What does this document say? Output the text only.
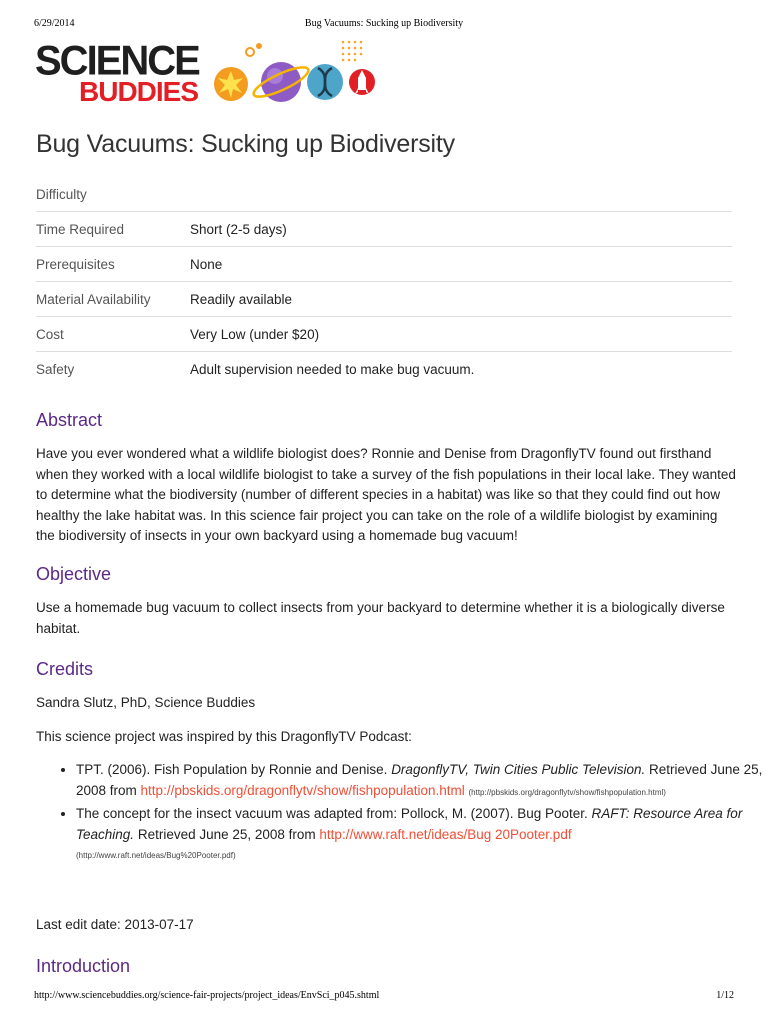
6/29/2014	Bug Vacuums: Sucking up Biodiversity
SCIENCE
BUDDIES
Bug Vacuums: Sucking up Biodiversity
Difficulty	
Time Required	Short (2-5 days)
Prerequisites	None
Material Availability	Readily available
Cost	Very Low (under $20)
Safety	Adult supervision needed to make bug vacuum.
Abstract

Have you ever wondered what a wildlife biologist does? Ronnie and Denise from DragonflyTV found out firsthand when they worked with a local wildlife biologist to take a survey of the fish populations in their local lake. They wanted to determine what the biodiversity (number of different species in a habitat) was like so that they could find out how healthy the lake habitat was. In this science fair project you can take on the role of a wildlife biologist by examining the biodiversity of insects in your own backyard using a homemade bug vacuum!

Objective

Use a homemade bug vacuum to collect insects from your backyard to determine whether it is a biologically diverse habitat.

Credits

Sandra Slutz, PhD, Science Buddies

This science project was inspired by this DragonflyTV Podcast:

• TPT. (2006). Fish Population by Ronnie and Denise. DragonflyTV, Twin Cities Public Television. Retrieved June 25, 2008 from http://pbskids.org/dragonflytv/show/fishpopulation.html (http://pbskids.org/dragonflytv/show/fishpopulation.html)
• The concept for the insect vacuum was adapted from: Pollock, M. (2007). Bug Pooter. RAFT: Resource Area for Teaching. Retrieved June 25, 2008 from http://www.raft.net/ideas/Bug 20Pooter.pdf
(http://www.raft.net/ideas/Bug%20Pooter.pdf)

Last edit date: 2013-07-17

Introduction
http://www.sciencebuddies.org/science-fair-projects/project_ideas/EnvSci_p045.shtml	1/12
